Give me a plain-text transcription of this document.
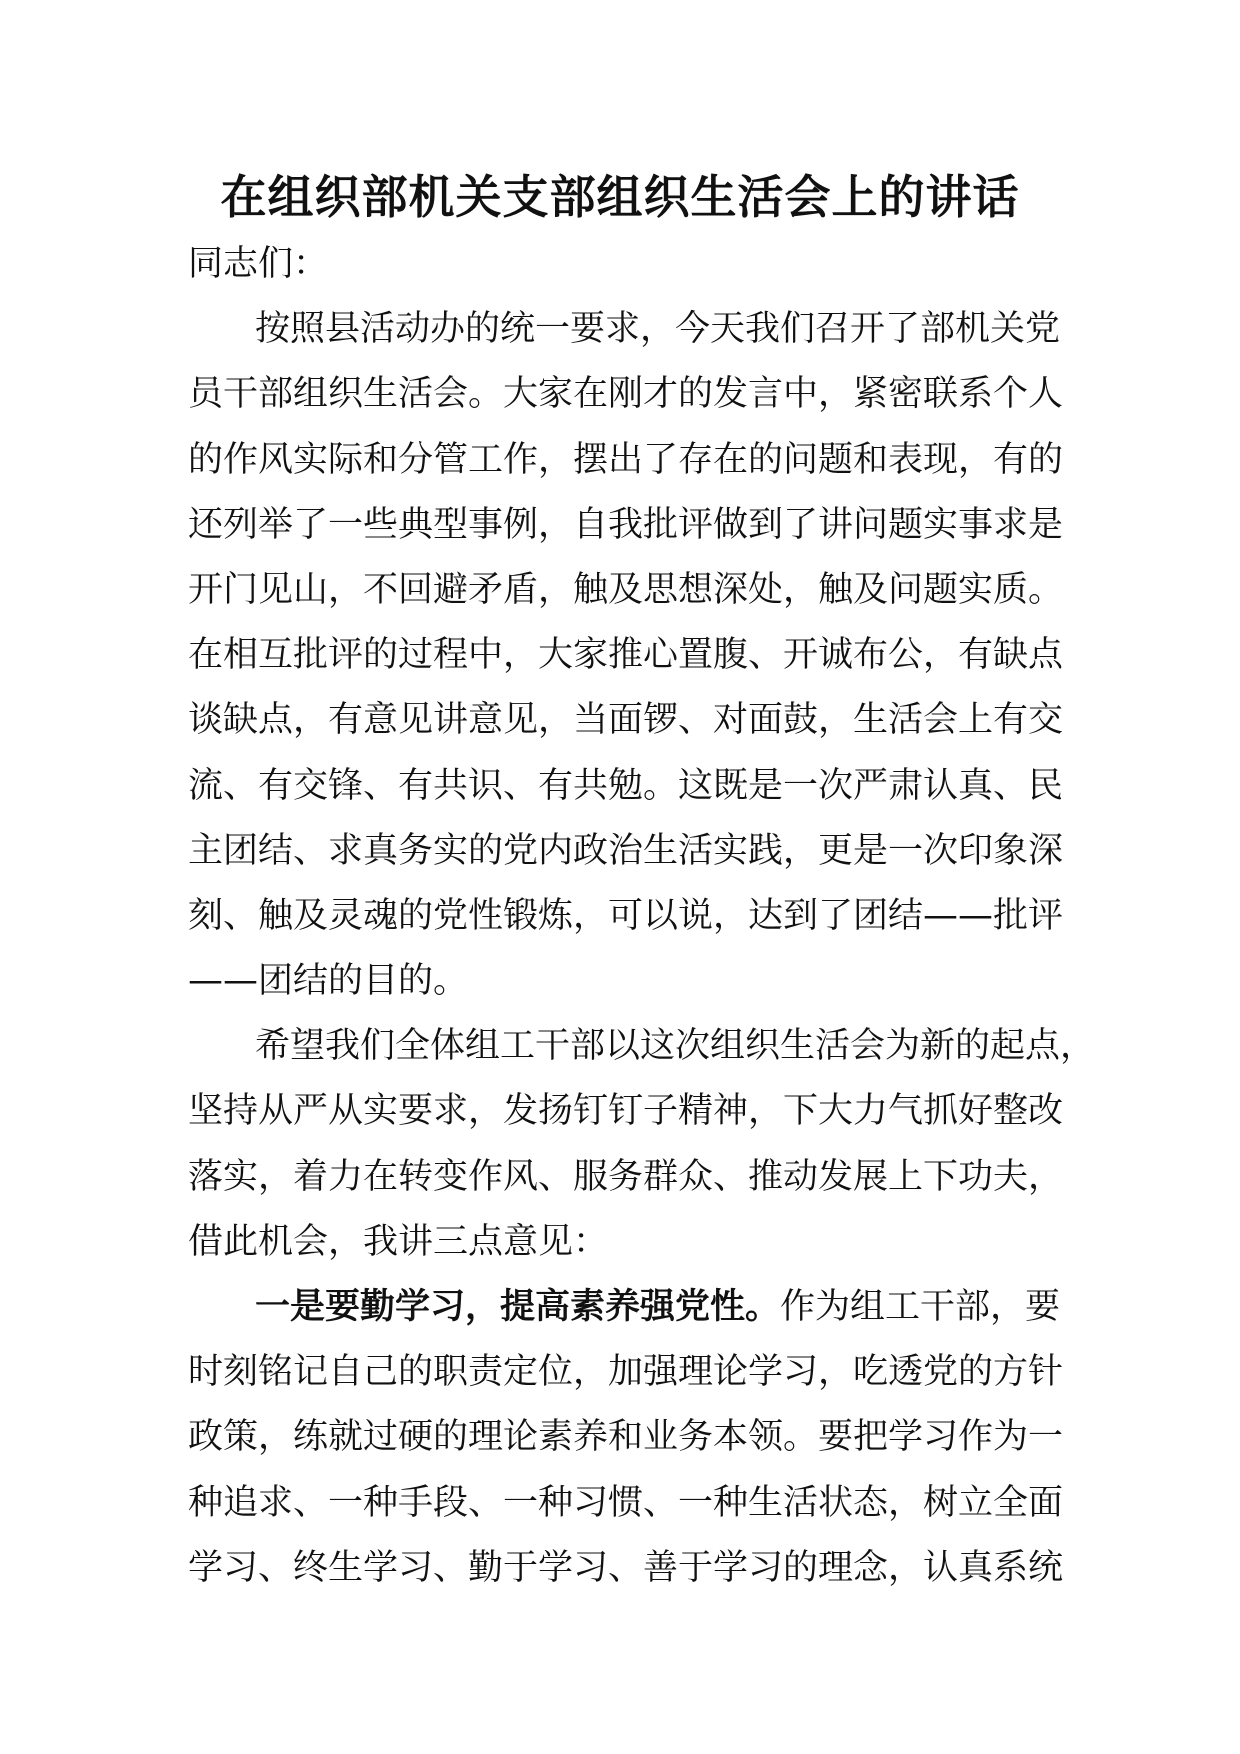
在组织部机关支部组织生活会上的讲话
同志们：
按照县活动办的统一要求，今天我们召开了部机关党
员干部组织生活会。大家在刚才的发言中，紧密联系个人
的作风实际和分管工作，摆出了存在的问题和表现，有的
还列举了一些典型事例，自我批评做到了讲问题实事求是
开门见山，不回避矛盾，触及思想深处，触及问题实质。
在相互批评的过程中，大家推心置腹、开诚布公，有缺点
谈缺点，有意见讲意见，当面锣、对面鼓，生活会上有交
流、有交锋、有共识、有共勉。这既是一次严肃认真、民
主团结、求真务实的党内政治生活实践，更是一次印象深
刻、触及灵魂的党性锻炼，可以说，达到了团结——批评
——团结的目的。
希望我们全体组工干部以这次组织生活会为新的起点，
坚持从严从实要求，发扬钉钉子精神，下大力气抓好整改
落实，着力在转变作风、服务群众、推动发展上下功夫，
借此机会，我讲三点意见：
一是要勤学习，提高素养强党性。作为组工干部，要
时刻铭记自己的职责定位，加强理论学习，吃透党的方针
政策，练就过硬的理论素养和业务本领。要把学习作为一
种追求、一种手段、一种习惯、一种生活状态，树立全面
学习、终生学习、勤于学习、善于学习的理念，认真系统
